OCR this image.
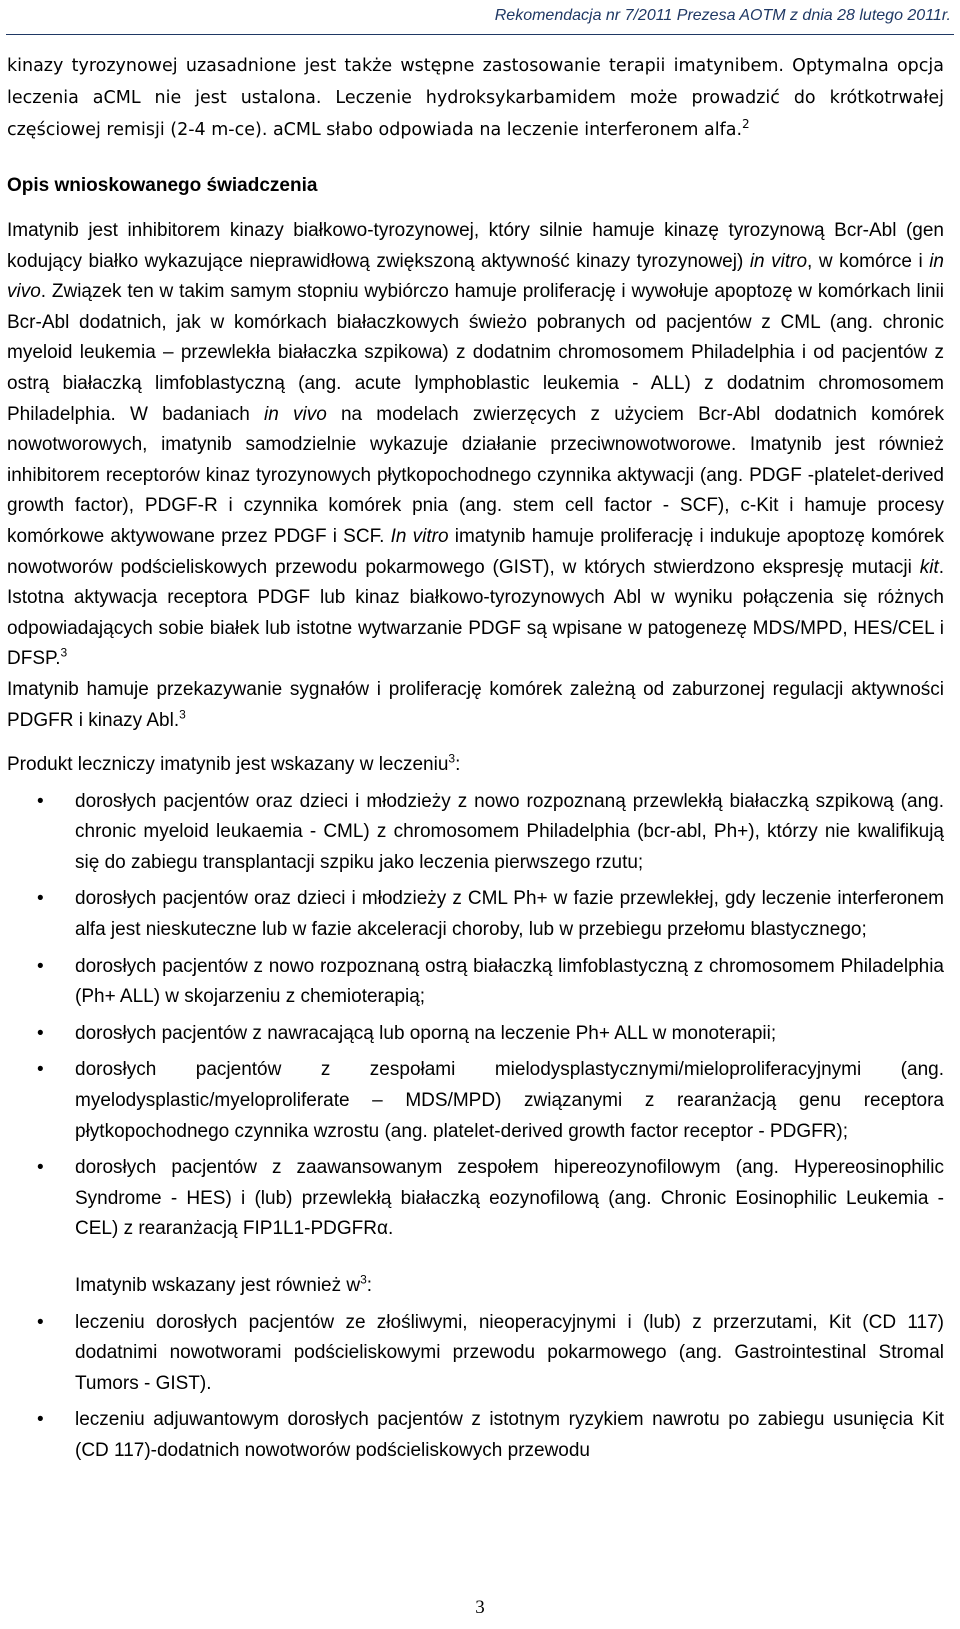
Rekomendacja nr 7/2011 Prezesa AOTM z dnia 28 lutego 2011r.

kinazy tyrozynowej uzasadnione jest także wstępne zastosowanie terapii imatynibem. Optymalna opcja leczenia aCML nie jest ustalona. Leczenie hydroksykarbamidem może prowadzić do krótkotrwałej częściowej remisji (2-4 m-ce). aCML słabo odpowiada na leczenie interferonem alfa.$^2$

Opis wnioskowanego świadczenia

Imatynib jest inhibitorem kinazy białkowo-tyrozynowej, który silnie hamuje kinazę tyrozynową Bcr-Abl (gen kodujący białko wykazujące nieprawidłową zwiększoną aktywność kinazy tyrozynowej) in vitro, w komórce i in vivo. Związek ten w takim samym stopniu wybiórczo hamuje proliferację i wywołuje apoptozę w komórkach linii Bcr-Abl dodatnich, jak w komórkach białaczkowych świeżo pobranych od pacjentów z CML (ang. chronic myeloid leukemia – przewlekła białaczka szpikowa) z dodatnim chromosomem Philadelphia i od pacjentów z ostrą białaczką limfoblastyczną (ang. acute lymphoblastic leukemia - ALL) z dodatnim chromosomem Philadelphia. W badaniach in vivo na modelach zwierzęcych z użyciem Bcr-Abl dodatnich komórek nowotworowych, imatynib samodzielnie wykazuje działanie przeciwnowotworowe. Imatynib jest również inhibitorem receptorów kinaz tyrozynowych płytkopochodnego czynnika aktywacji (ang. PDGF -platelet-derived growth factor), PDGF-R i czynnika komórek pnia (ang. stem cell factor - SCF), c-Kit i hamuje procesy komórkowe aktywowane przez PDGF i SCF. In vitro imatynib hamuje proliferację i indukuje apoptozę komórek nowotworów podścieliskowych przewodu pokarmowego (GIST), w których stwierdzono ekspresję mutacji kit. Istotna aktywacja receptora PDGF lub kinaz białkowo-tyrozynowych Abl w wyniku połączenia się różnych odpowiadających sobie białek lub istotne wytwarzanie PDGF są wpisane w patogenezę MDS/MPD, HES/CEL i DFSP.$^3$

Imatynib hamuje przekazywanie sygnałów i proliferację komórek zależną od zaburzonej regulacji aktywności PDGFR i kinazy Abl.$^3$

Produkt leczniczy imatynib jest wskazany w leczeniu$^3$:

• dorosłych pacjentów oraz dzieci i młodzieży z nowo rozpoznaną przewlekłą białaczką szpikową (ang. chronic myeloid leukaemia - CML) z chromosomem Philadelphia (bcr-abl, Ph+), którzy nie kwalifikują się do zabiegu transplantacji szpiku jako leczenia pierwszego rzutu;
• dorosłych pacjentów oraz dzieci i młodzieży z CML Ph+ w fazie przewlekłej, gdy leczenie interferonem alfa jest nieskuteczne lub w fazie akceleracji choroby, lub w przebiegu przełomu blastycznego;
• dorosłych pacjentów z nowo rozpoznaną ostrą białaczką limfoblastyczną z chromosomem Philadelphia (Ph+ ALL) w skojarzeniu z chemioterapią;
• dorosłych pacjentów z nawracającą lub oporną na leczenie Ph+ ALL w monoterapii;
• dorosłych pacjentów z zespołami mielodysplastycznymi/mieloproliferacyjnymi (ang. myelodysplastic/myeloproliferate – MDS/MPD) związanymi z rearanżacją genu receptora płytkopochodnego czynnika wzrostu (ang. platelet-derived growth factor receptor - PDGFR);
• dorosłych pacjentów z zaawansowanym zespołem hipereozynofilowym (ang. Hypereosinophilic Syndrome - HES) i (lub) przewlekłą białaczką eozynofilową (ang. Chronic Eosinophilic Leukemia - CEL) z rearanżacją FIP1L1-PDGFRα.

Imatynib wskazany jest również $w^3$:

• leczeniu dorosłych pacjentów ze złośliwymi, nieoperacyjnymi i (lub) z przerzutami, Kit (CD 117) dodatnimi nowotworami podścieliskowymi przewodu pokarmowego (ang. Gastrointestinal Stromal Tumors - GIST).
• leczeniu adjuwantowym dorosłych pacjentów z istotnym ryzykiem nawrotu po zabiegu usunięcia Kit (CD 117)-dodatnich nowotworów podścieliskowych przewodu
3
